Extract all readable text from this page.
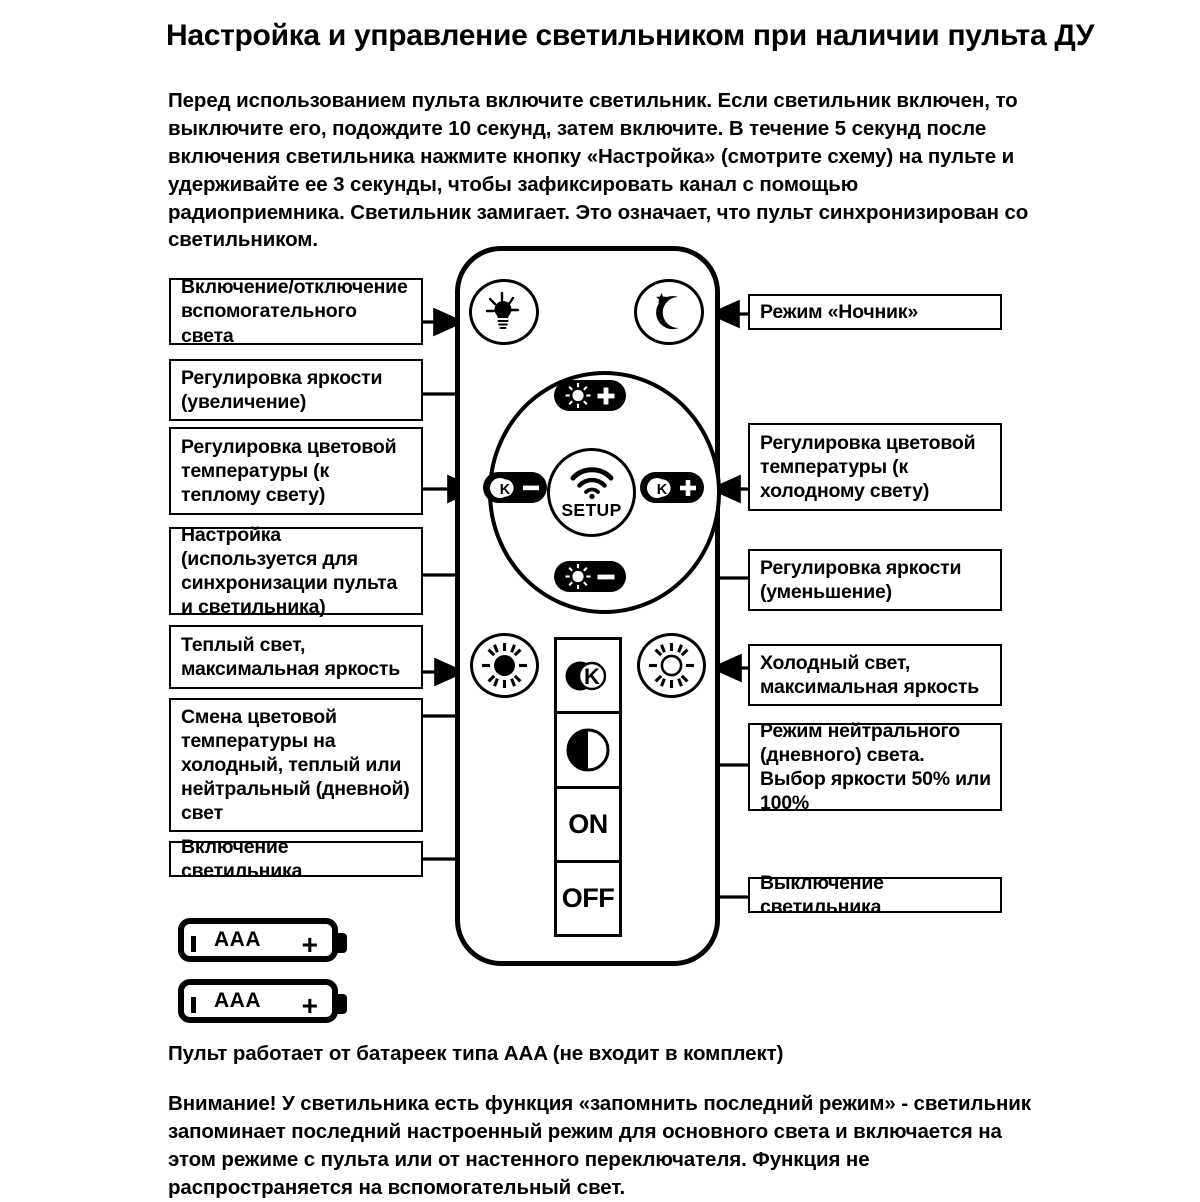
Настройка и управление светильником при наличии пульта ДУ
Перед использованием пульта включите светильник. Если светильник включен, то выключите его, подождите 10 секунд, затем включите. В течение 5 секунд после включения светильника нажмите кнопку «Настройка» (смотрите схему) на пульте и удерживайте ее 3 секунды, чтобы зафиксировать канал с помощью радиоприемника. Светильник замигает. Это означает, что пульт синхронизирован со светильником.
Пульт работает от батареек типа AAA (не входит в комплект)
Внимание! У светильника есть функция «запомнить последний режим» - светильник запоминает последний настроенный режим для основного света и включается на этом режиме с пульта или от настенного переключателя. Функция не распространяется на вспомогательный свет.
Включение/отключение вспомогательного света
Регулировка яркости (увеличение)
Регулировка цветовой температуры (к теплому свету)
Настройка (используется для синхронизации пульта и светильника)
Теплый свет, максимальная яркость
Смена цветовой температуры на холодный, теплый или нейтральный (дневной) свет
Включение светильника
Режим «Ночник»
Регулировка цветовой температуры (к холодному свету)
Регулировка яркости (уменьшение)
Холодный свет, максимальная яркость
Режим нейтрального (дневного) света. Выбор яркости 50% или 100%
Выключение светильника
K	K
SETUP
K
ON
OFF
AAA +
AAA +
